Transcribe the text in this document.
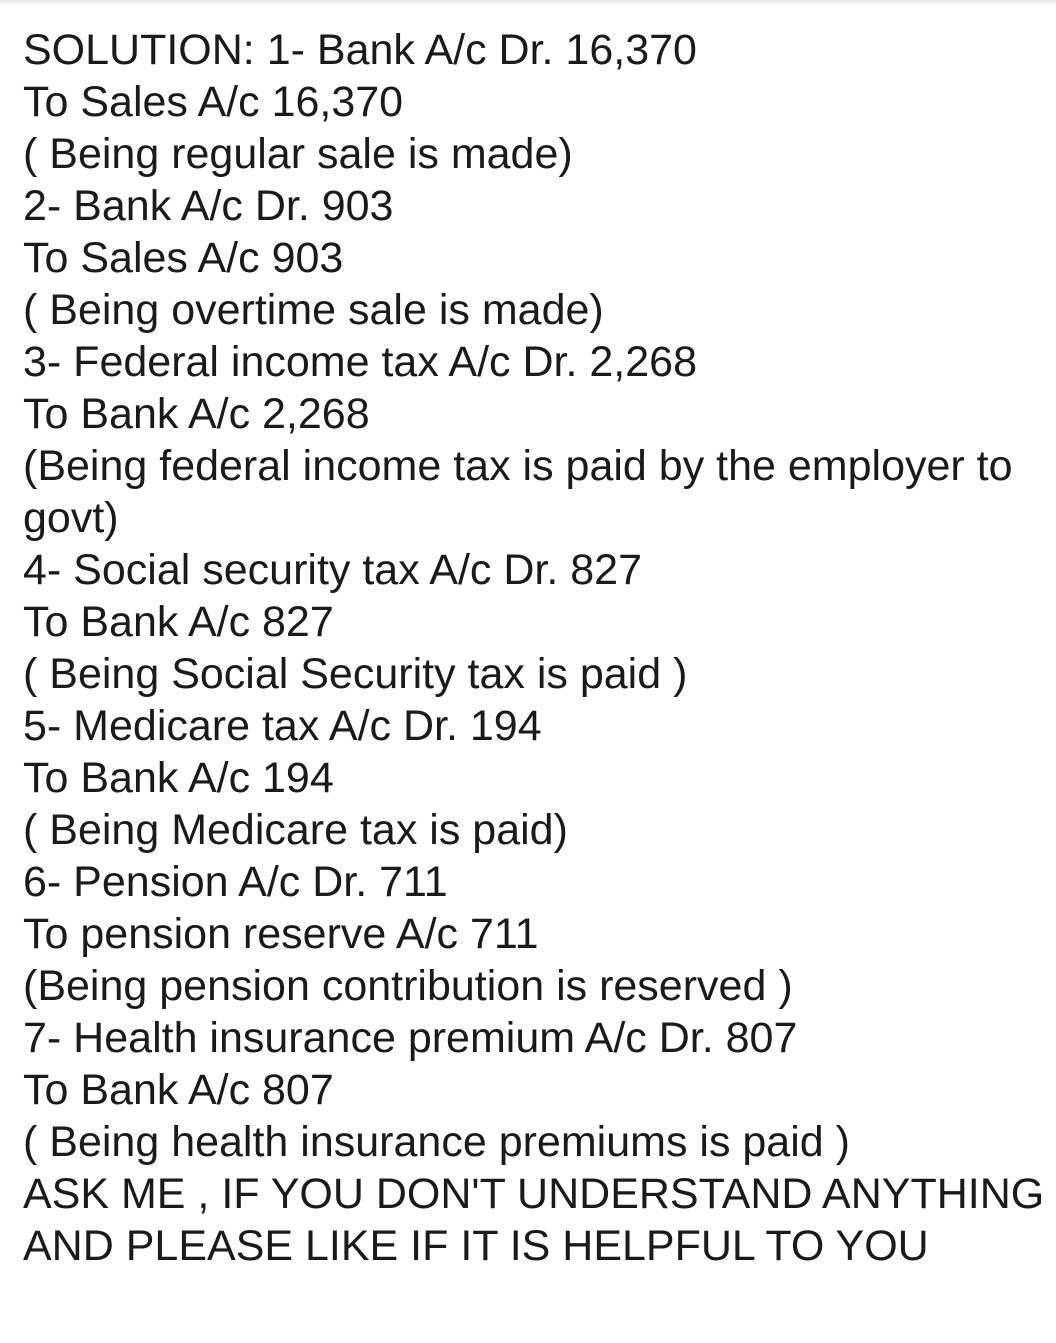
SOLUTION: 1- Bank A/c Dr. 16,370
To Sales A/c 16,370
( Being regular sale is made)
2- Bank A/c Dr. 903
To Sales A/c 903
( Being overtime sale is made)
3- Federal income tax A/c Dr. 2,268
To Bank A/c 2,268
(Being federal income tax is paid by the employer to govt)
4- Social security tax A/c Dr. 827
To Bank A/c 827
( Being Social Security tax is paid )
5- Medicare tax A/c Dr. 194
To Bank A/c 194
( Being Medicare tax is paid)
6- Pension A/c Dr. 711
To pension reserve A/c 711
(Being pension contribution is reserved )
7- Health insurance premium A/c Dr. 807
To Bank A/c 807
( Being health insurance premiums is paid )
ASK ME , IF YOU DON'T UNDERSTAND ANYTHING
AND PLEASE LIKE IF IT IS HELPFUL TO YOU
